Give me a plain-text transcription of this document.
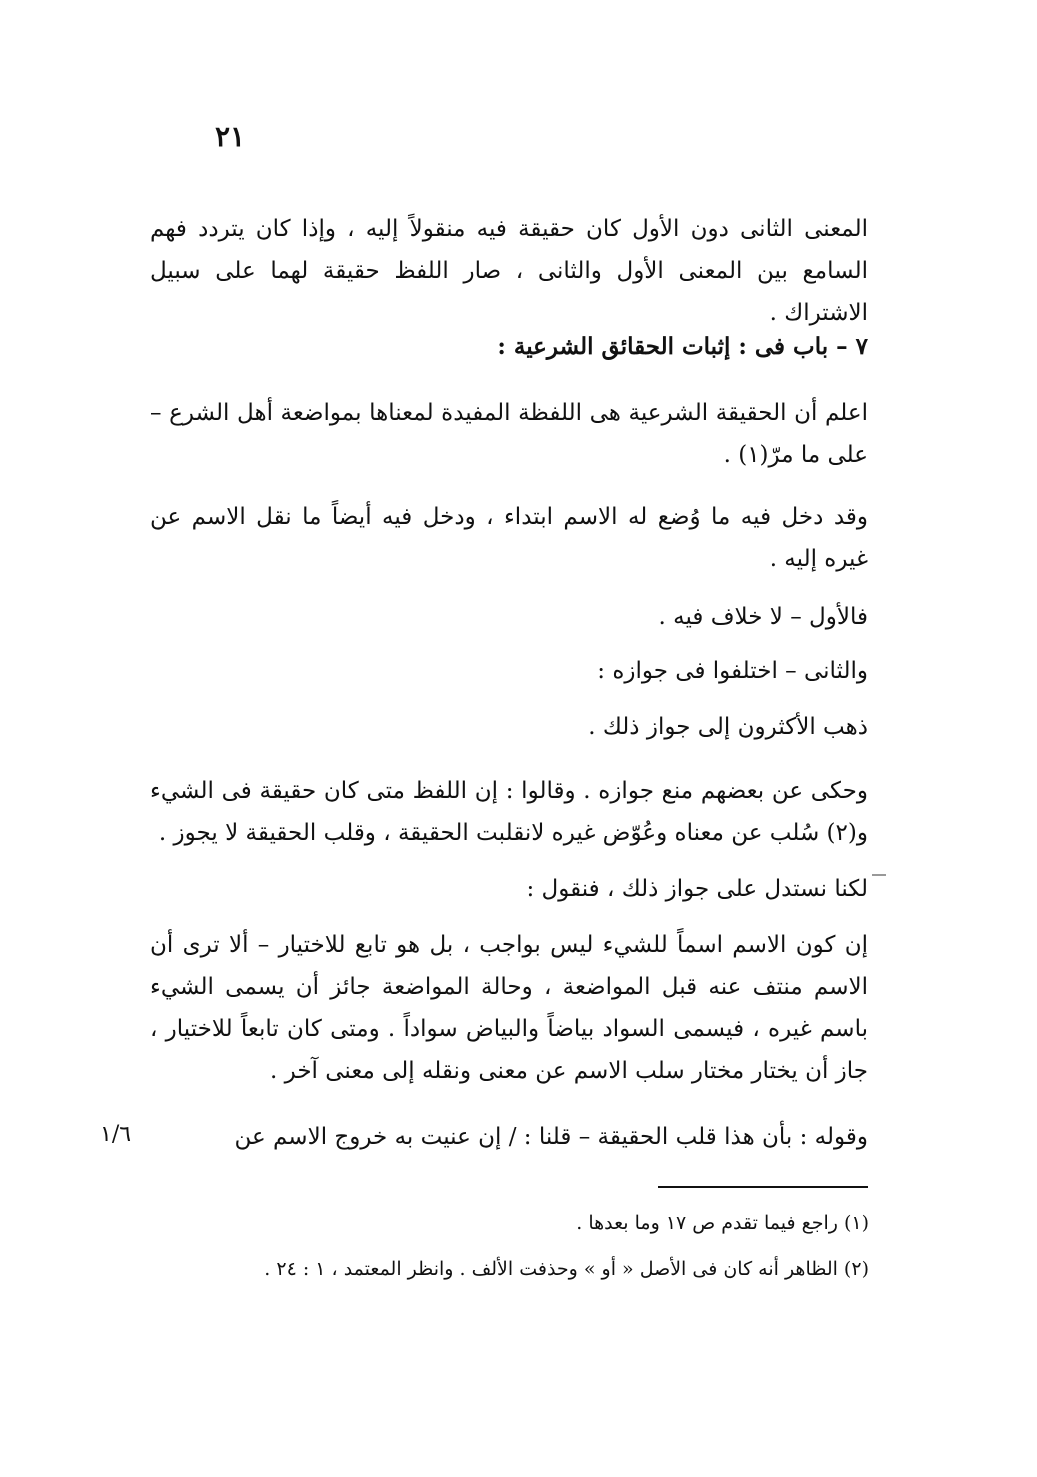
٢١

المعنى الثانى دون الأول كان حقيقة فيه منقولاً إليه ، وإذا كان يتردد فهم السامع بين المعنى الأول والثانى ، صار اللفظ حقيقة لهما على سبيل الاشتراك .

٧ – باب فى : إثبات الحقائق الشرعية :

اعلم أن الحقيقة الشرعية هى اللفظة المفيدة لمعناها بمواضعة أهل الشرع – على ما مرّ(١) .

وقد دخل فيه ما وُضع له الاسم ابتداء ، ودخل فيه أيضاً ما نقل الاسم عن غيره إليه .

فالأول – لا خلاف فيه .

والثانى – اختلفوا فى جوازه :

ذهب الأكثرون إلى جواز ذلك .

وحكى عن بعضهم منع جوازه . وقالوا : إن اللفظ متى كان حقيقة فى الشيء و(٢) سُلب عن معناه وعُوّض غيره لانقلبت الحقيقة ، وقلب الحقيقة لا يجوز .

لكنا نستدل على جواز ذلك ، فنقول :

إن كون الاسم اسماً للشيء ليس بواجب ، بل هو تابع للاختيار – ألا ترى أن الاسم منتف عنه قبل المواضعة ، وحالة المواضعة جائز أن يسمى الشيء باسم غيره ، فيسمى السواد بياضاً والبياض سواداً . ومتى كان تابعاً للاختيار ، جاز أن يختار مختار سلب الاسم عن معنى ونقله إلى معنى آخر .

وقوله : بأن هذا قلب الحقيقة – قلنا : / إن عنيت به خروج الاسم عن

١/٦
(١) راجع فيما تقدم ص ١٧ وما بعدها .
(٢) الظاهر أنه كان فى الأصل « أو » وحذفت الألف . وانظر المعتمد ، ١ : ٢٤ .
